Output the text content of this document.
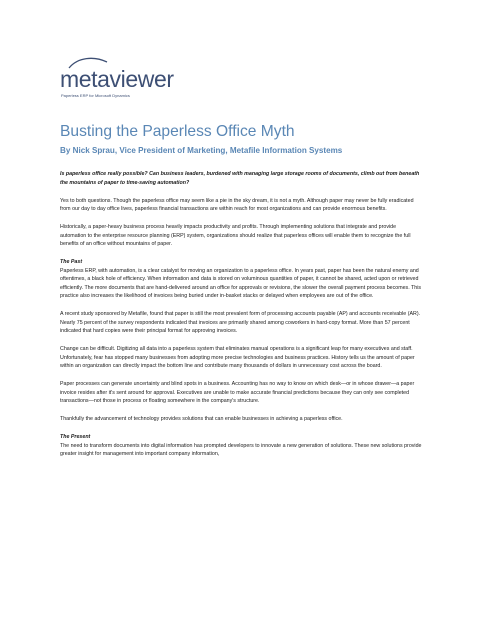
metaviewer
Paperless ERP for Microsoft Dynamics
Busting the Paperless Office Myth
By Nick Sprau, Vice President of Marketing, Metafile Information Systems

Is paperless office really possible? Can business leaders, burdened with managing large storage rooms of documents, climb out from beneath the mountains of paper to time-saving automation?

Yes to both questions. Though the paperless office may seem like a pie in the sky dream, it is not a myth. Although paper may never be fully eradicated from our day to day office lives, paperless financial transactions are within reach for most organizations and can provide enormous benefits.

Historically, a paper-heavy business process heavily impacts productivity and profits. Through implementing solutions that integrate and provide automation to the enterprise resource planning (ERP) system, organizations should realize that paperless offices will enable them to recognize the full benefits of an office without mountains of paper.

The Past

Paperless ERP, with automation, is a clear catalyst for moving an organization to a paperless office. In years past, paper has been the natural enemy and oftentimes, a black hole of efficiency. When information and data is stored on voluminous quantities of paper, it cannot be shared, acted upon or retrieved efficiently. The more documents that are hand-delivered around an office for approvals or revisions, the slower the overall payment process becomes. This practice also increases the likelihood of invoices being buried under in-basket stacks or delayed when employees are out of the office.

A recent study sponsored by Metafile, found that paper is still the most prevalent form of processing accounts payable (AP) and accounts receivable (AR). Nearly 75 percent of the survey respondents indicated that invoices are primarily shared among coworkers in hard-copy format. More than 57 percent indicated that hard copies were their principal format for approving invoices.

Change can be difficult. Digitizing all data into a paperless system that eliminates manual operations is a significant leap for many executives and staff. Unfortunately, fear has stopped many businesses from adopting more precise technologies and business practices. History tells us the amount of paper within an organization can directly impact the bottom line and contribute many thousands of dollars in unnecessary cost across the board.

Paper processes can generate uncertainty and blind spots in a business. Accounting has no way to know on which desk—or in whose drawer—a paper invoice resides after it's sent around for approval. Executives are unable to make accurate financial predictions because they can only see completed transactions—not those in process or floating somewhere in the company's structure.

Thankfully the advancement of technology provides solutions that can enable businesses in achieving a paperless office.

The Present

The need to transform documents into digital information has prompted developers to innovate a new generation of solutions. These new solutions provide greater insight for management into important company information,
